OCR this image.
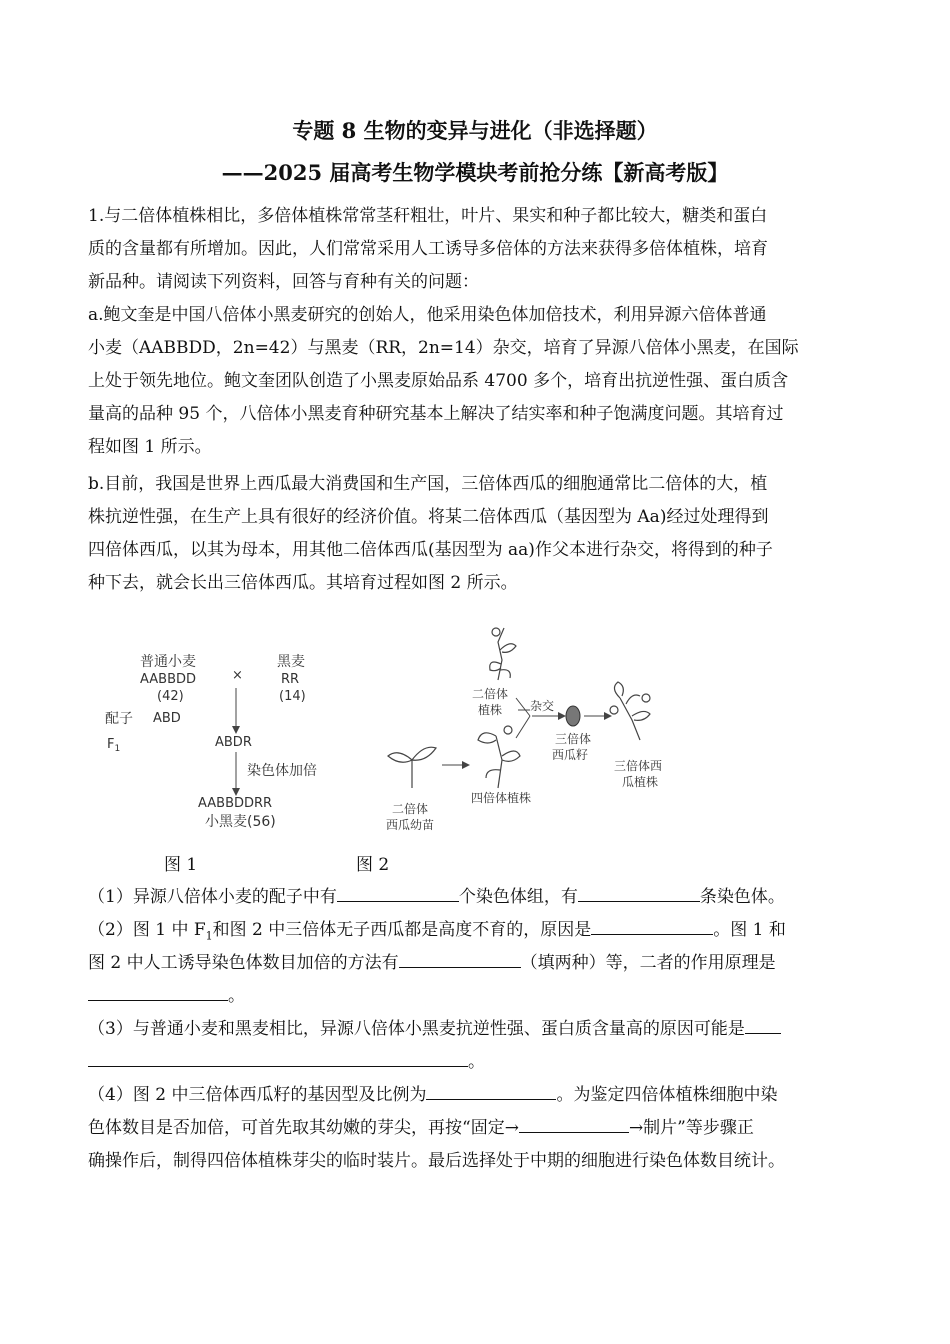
专题 8 生物的变异与进化（非选择题）
——2025 届高考生物学模块考前抢分练【新高考版】
1.与二倍体植株相比，多倍体植株常常茎秆粗壮，叶片、果实和种子都比较大，糖类和蛋白
质的含量都有所增加。因此，人们常常采用人工诱导多倍体的方法来获得多倍体植株，培育
新品种。请阅读下列资料，回答与育种有关的问题：
a.鲍文奎是中国八倍体小黑麦研究的创始人，他采用染色体加倍技术，利用异源六倍体普通
小麦（AABBDD，2n=42）与黑麦（RR，2n=14）杂交，培育了异源八倍体小黑麦，在国际
上处于领先地位。鲍文奎团队创造了小黑麦原始品系 4700 多个，培育出抗逆性强、蛋白质含
量高的品种 95 个，八倍体小黑麦育种研究基本上解决了结实率和种子饱满度问题。其培育过
程如图 1 所示。
b.目前，我国是世界上西瓜最大消费国和生产国，三倍体西瓜的细胞通常比二倍体的大，植
株抗逆性强，在生产上具有很好的经济价值。将某二倍体西瓜（基因型为 Aa)经过处理得到
四倍体西瓜，以其为母本，用其他二倍体西瓜(基因型为 aa)作父本进行杂交，将得到的种子
种下去，就会长出三倍体西瓜。其培育过程如图 2 所示。
普通小麦
AABBDD
(42)
×
黑麦
RR
(14)
配子 ABD
$F_1$	ABDR
染色体加倍
AABBDDRR
小黑麦(56)
二倍体
植株 杂交
三倍体
西瓜籽
三倍体西
瓜植株
二倍体
西瓜幼苗
四倍体植株
图 1	图 2
（1）异源八倍体小麦的配子中有	个染色体组，有	条染色体。
（2）图 1 中 $F_1$和图 2 中三倍体无子西瓜都是高度不育的，原因是	。图 1 和
图 2 中人工诱导染色体数目加倍的方法有	（填两种）等，二者的作用原理是
。
（3）与普通小麦和黑麦相比，异源八倍体小黑麦抗逆性强、蛋白质含量高的原因可能是
。
（4）图 2 中三倍体西瓜籽的基因型及比例为	。为鉴定四倍体植株细胞中染
色体数目是否加倍，可首先取其幼嫩的芽尖，再按“固定→	→制片”等步骤正
确操作后，制得四倍体植株芽尖的临时装片。最后选择处于中期的细胞进行染色体数目统计。
